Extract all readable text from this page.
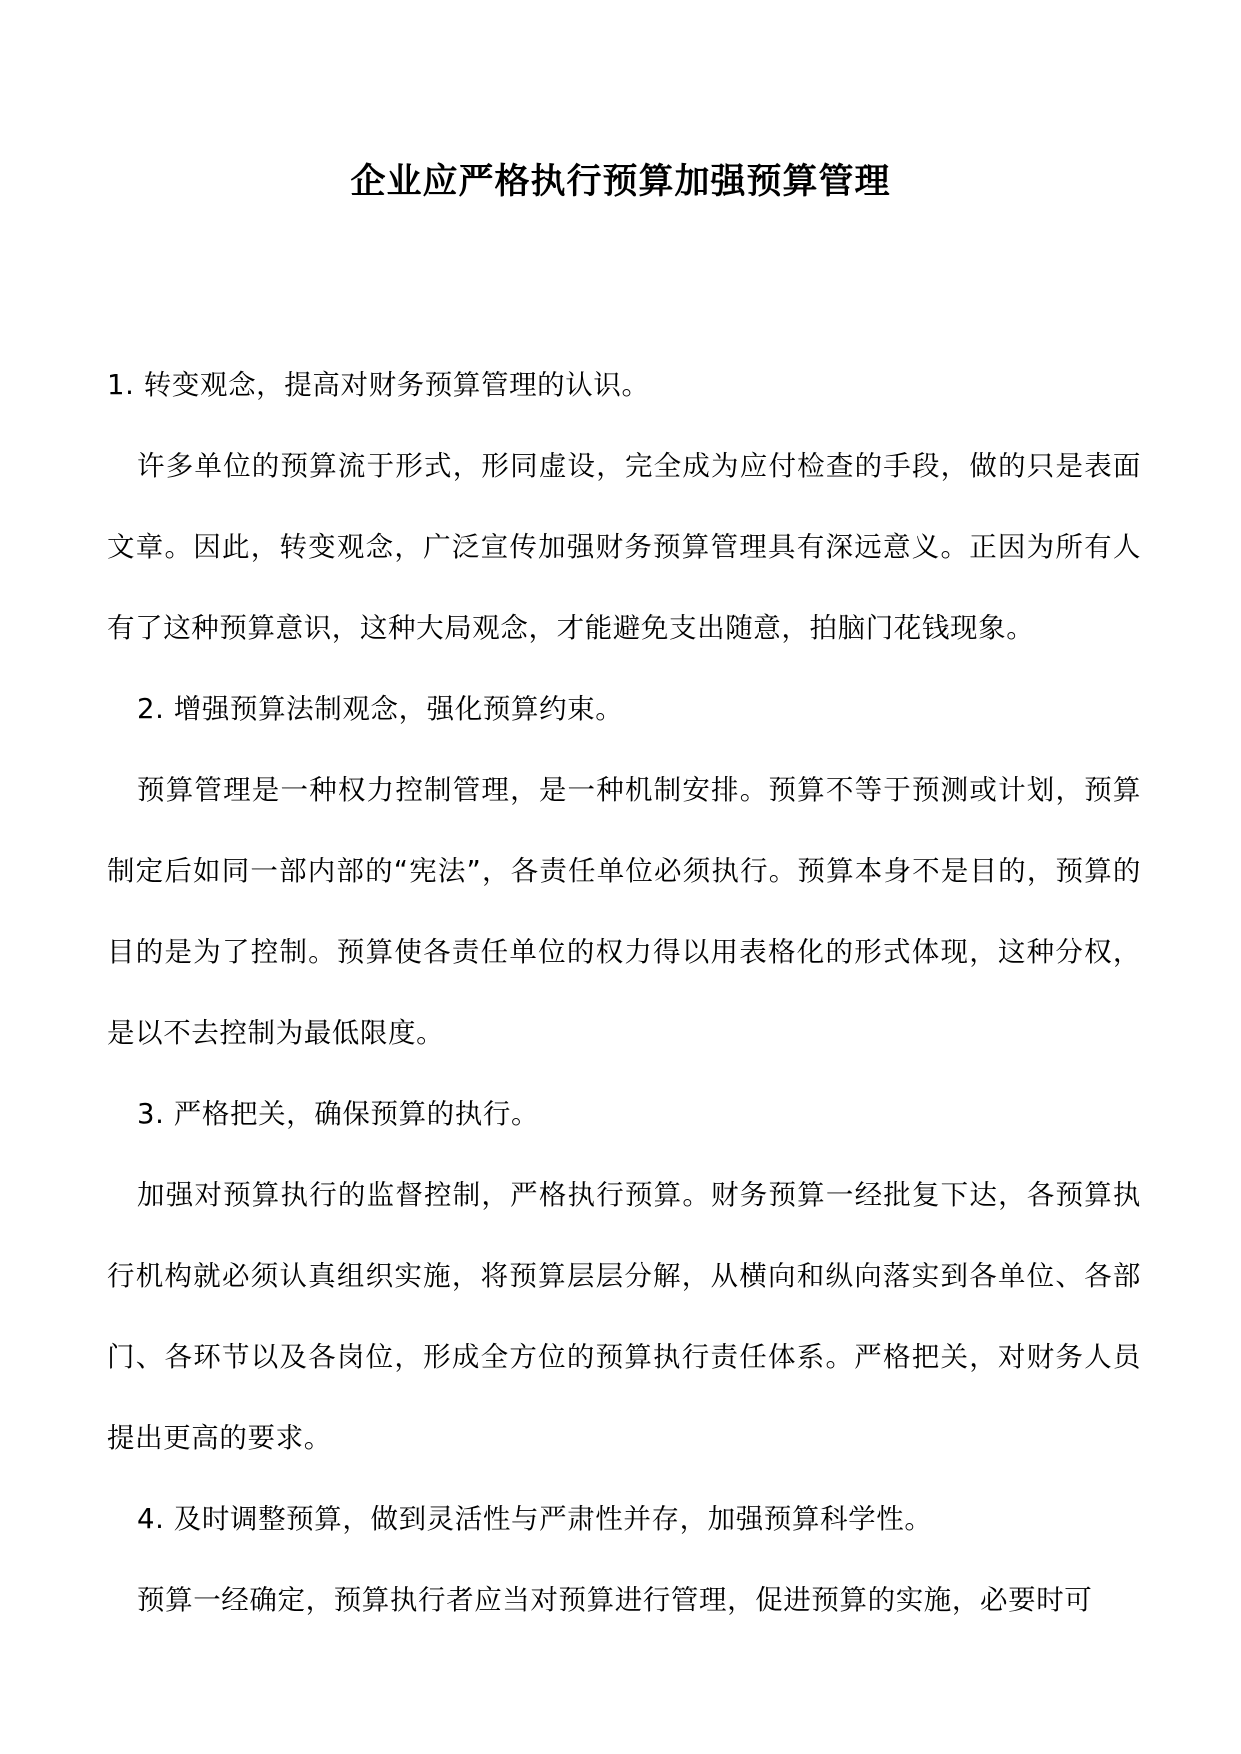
企业应严格执行预算加强预算管理

1. 转变观念，提高对财务预算管理的认识。

许多单位的预算流于形式，形同虚设，完全成为应付检查的手段，做的只是表面文章。因此，转变观念，广泛宣传加强财务预算管理具有深远意义。正因为所有人有了这种预算意识，这种大局观念，才能避免支出随意，拍脑门花钱现象。

2. 增强预算法制观念，强化预算约束。

预算管理是一种权力控制管理，是一种机制安排。预算不等于预测或计划，预算制定后如同一部内部的“宪法”，各责任单位必须执行。预算本身不是目的，预算的目的是为了控制。预算使各责任单位的权力得以用表格化的形式体现，这种分权，是以不去控制为最低限度。

3. 严格把关，确保预算的执行。

加强对预算执行的监督控制，严格执行预算。财务预算一经批复下达，各预算执行机构就必须认真组织实施，将预算层层分解，从横向和纵向落实到各单位、各部门、各环节以及各岗位，形成全方位的预算执行责任体系。严格把关，对财务人员提出更高的要求。

4. 及时调整预算，做到灵活性与严肃性并存，加强预算科学性。

预算一经确定，预算执行者应当对预算进行管理，促进预算的实施，必要时可
